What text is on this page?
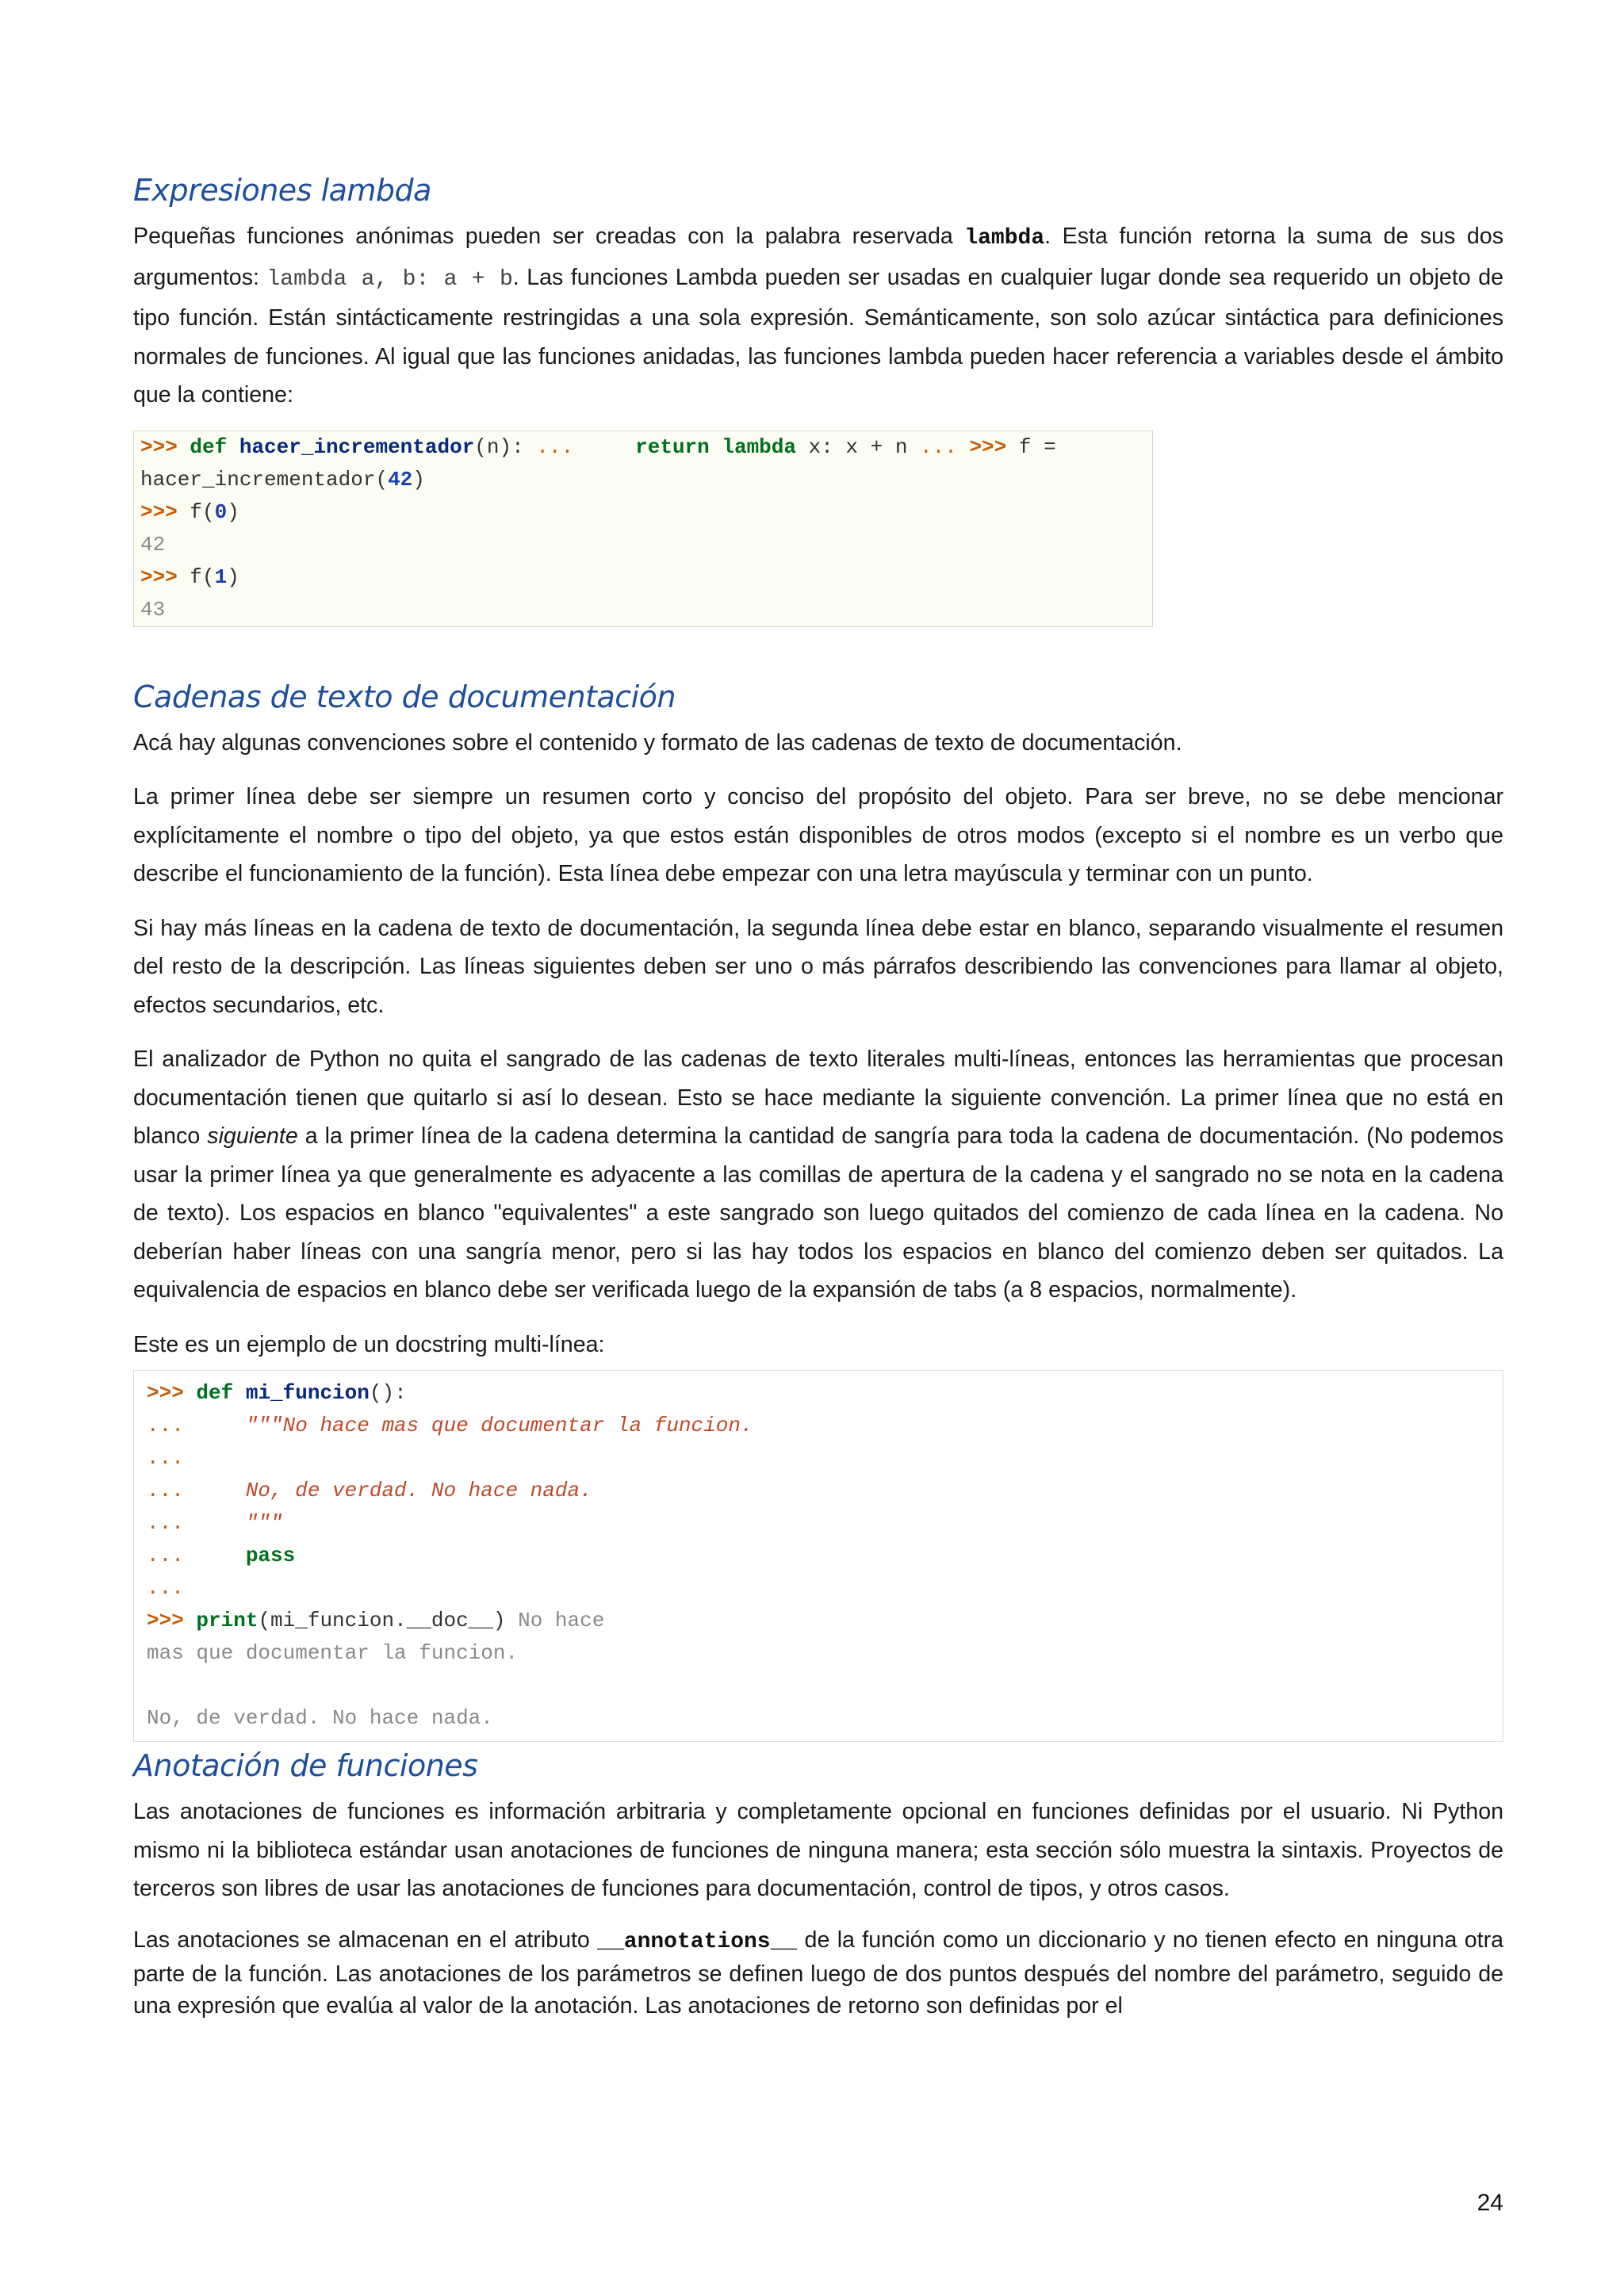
Expresiones lambda

Pequeñas funciones anónimas pueden ser creadas con la palabra reservada lambda. Esta función retorna la suma de sus dos argumentos: lambda a, b: a + b. Las funciones Lambda pueden ser usadas en cualquier lugar donde sea requerido un objeto de tipo función. Están sintácticamente restringidas a una sola expresión. Semánticamente, son solo azúcar sintáctica para definiciones normales de funciones. Al igual que las funciones anidadas, las funciones lambda pueden hacer referencia a variables desde el ámbito que la contiene:

>>> def hacer_incrementador(n): ...	return lambda x: x + n ... >>> f =
hacer_incrementador(42)
>>> f(0)
42
>>> f(1)
43
Cadenas de texto de documentación

Acá hay algunas convenciones sobre el contenido y formato de las cadenas de texto de documentación.

La primer línea debe ser siempre un resumen corto y conciso del propósito del objeto. Para ser breve, no se debe mencionar explícitamente el nombre o tipo del objeto, ya que estos están disponibles de otros modos (excepto si el nombre es un verbo que describe el funcionamiento de la función). Esta línea debe empezar con una letra mayúscula y terminar con un punto.

Si hay más líneas en la cadena de texto de documentación, la segunda línea debe estar en blanco, separando visualmente el resumen del resto de la descripción. Las líneas siguientes deben ser uno o más párrafos describiendo las convenciones para llamar al objeto, efectos secundarios, etc.

El analizador de Python no quita el sangrado de las cadenas de texto literales multi-líneas, entonces las herramientas que procesan documentación tienen que quitarlo si así lo desean. Esto se hace mediante la siguiente convención. La primer línea que no está en blanco siguiente a la primer línea de la cadena determina la cantidad de sangría para toda la cadena de documentación. (No podemos usar la primer línea ya que generalmente es adyacente a las comillas de apertura de la cadena y el sangrado no se nota en la cadena de texto). Los espacios en blanco "equivalentes" a este sangrado son luego quitados del comienzo de cada línea en la cadena. No deberían haber líneas con una sangría menor, pero si las hay todos los espacios en blanco del comienzo deben ser quitados. La equivalencia de espacios en blanco debe ser verificada luego de la expansión de tabs (a 8 espacios, normalmente).

Este es un ejemplo de un docstring multi-línea:

>>> def mi_funcion():
...	"""No hace mas que documentar la funcion.
...
...	No, de verdad. No hace nada.
...	"""
...	pass
...
>>> print(mi_funcion.__doc__) No hace
mas que documentar la funcion.

No, de verdad. No hace nada.
Anotación de funciones

Las anotaciones de funciones es información arbitraria y completamente opcional en funciones definidas por el usuario. Ni Python mismo ni la biblioteca estándar usan anotaciones de funciones de ninguna manera; esta sección sólo muestra la sintaxis. Proyectos de terceros son libres de usar las anotaciones de funciones para documentación, control de tipos, y otros casos.

Las anotaciones se almacenan en el atributo __annotations__ de la función como un diccionario y no tienen efecto en ninguna otra parte de la función. Las anotaciones de los parámetros se definen luego de dos puntos después del nombre del parámetro, seguido de una expresión que evalúa al valor de la anotación. Las anotaciones de retorno son definidas por el

24
